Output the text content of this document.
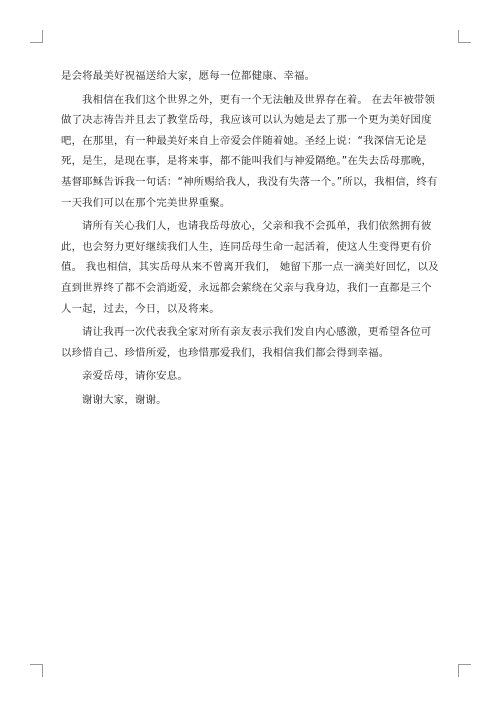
是会将最美好祝福送给大家，愿每一位都健康、幸福。

我相信在我们这个世界之外，更有一个无法触及世界存在着。 在去年被带领做了决志祷告并且去了教堂岳母，我应该可以认为她是去了那一个更为美好国度吧，在那里，有一种最美好来自上帝爱会伴随着她。圣经上说：“我深信无论是死，是生，是现在事，是将来事，都不能叫我们与神爱隔绝。”在失去岳母那晚，基督耶稣告诉我一句话：“神所赐给我人，我没有失落一个。”所以，我相信，终有一天我们可以在那个完美世界重聚。

请所有关心我们人，也请我岳母放心，父亲和我不会孤单，我们依然拥有彼此，也会努力更好继续我们人生，连同岳母生命一起活着，使这人生变得更有价值。 我也相信，其实岳母从来不曾离开我们， 她留下那一点一滴美好回忆，以及直到世界终了都不会消逝爱，永远都会萦绕在父亲与我身边，我们一直都是三个人一起，过去，今日，以及将来。

请让我再一次代表我全家对所有亲友表示我们发自内心感激，更希望各位可以珍惜自己、珍惜所爱，也珍惜那爱我们，我相信我们都会得到幸福。

亲爱岳母，请你安息。

谢谢大家，谢谢。
